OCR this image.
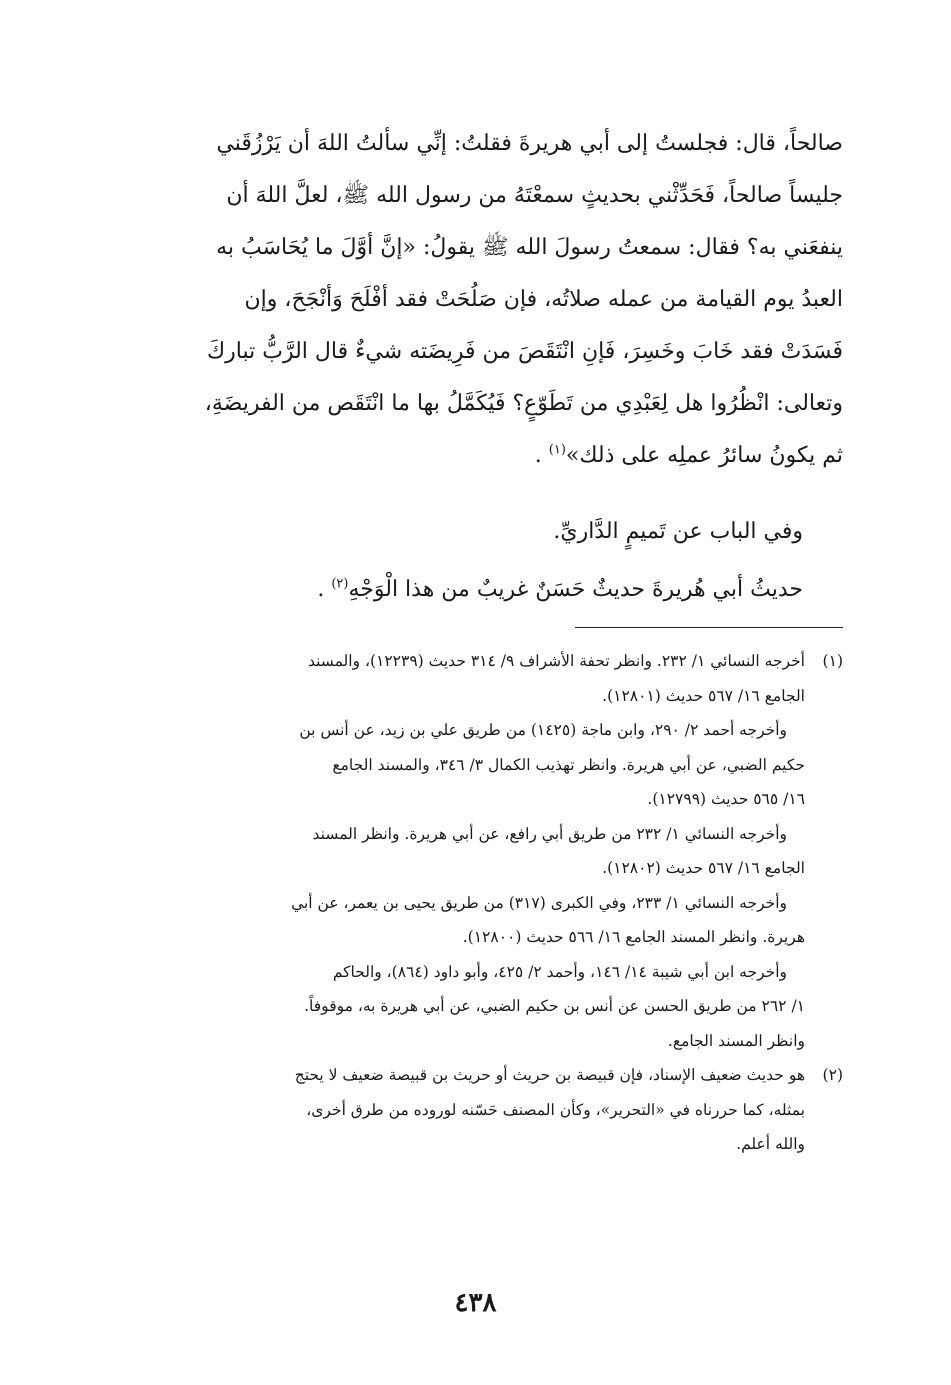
صالحاً، قال: فجلستُ إلى أبي هريرةَ فقلتُ: إنِّي سألتُ اللهَ أن يَرْزُقَني
جليساً صالحاً، فَحَدِّثْني بحديثٍ سمعْتَهُ من رسول الله ﷺ، لعلَّ اللهَ أن
ينفعَني به؟ فقال: سمعتُ رسولَ الله ﷺ يقولُ: «إنَّ أوَّلَ ما يُحَاسَبُ به
العبدُ يوم القيامة من عمله صلاتُه، فإن صَلُحَتْ فقد أفْلَحَ وَأنْجَحَ، وإن
فَسَدَتْ فقد خَابَ وخَسِرَ، فَإنِ انْتَقَصَ من فَرِيضَته شيءٌ قال الرَّبُّ تباركَ
وتعالى: انْظُرُوا هل لِعَبْدِي من تَطَوّعٍ؟ فَيُكَمَّلُ بها ما انْتَقَص من الفريضَةِ،
ثم يكونُ سائرُ عملِه على ذلك»$^{(١)}$ .
وفي الباب عن تَميمٍ الدَّاريِّ.
حديثُ أبي هُريرةَ حديثٌ حَسَنٌ غريبٌ من هذا الْوَجْهِ$^{(٢)}$ .
(١)
أخرجه النسائي ١/ ٢٣٢. وانظر تحفة الأشراف ٩/ ٣١٤ حديث (١٢٢٣٩)، والمسند
الجامع ١٦/ ٥٦٧ حديث (١٢٨٠١).
وأخرجه أحمد ٢/ ٢٩٠، وابن ماجة (١٤٢٥) من طريق علي بن زيد، عن أنس بن
حكيم الضبي، عن أبي هريرة. وانظر تهذيب الكمال ٣/ ٣٤٦، والمسند الجامع
١٦/ ٥٦٥ حديث (١٢٧٩٩).
وأخرجه النسائي ١/ ٢٣٢ من طريق أبي رافع، عن أبي هريرة. وانظر المسند
الجامع ١٦/ ٥٦٧ حديث (١٢٨٠٢).
وأخرجه النسائي ١/ ٢٣٣، وفي الكبرى (٣١٧) من طريق يحيى بن يعمر، عن أبي
هريرة. وانظر المسند الجامع ١٦/ ٥٦٦ حديث (١٢٨٠٠).
وأخرجه ابن أبي شيبة ١٤/ ١٤٦، وأحمد ٢/ ٤٢٥، وأبو داود (٨٦٤)، والحاكم
١/ ٢٦٢ من طريق الحسن عن أنس بن حكيم الضبي، عن أبي هريرة به، موقوفاً.
وانظر المسند الجامع.
(٢)
هو حديث ضعيف الإسناد، فإن قبيصة بن حريث أو حريث بن قبيصة ضعيف لا يحتج
بمثله، كما حررناه في «التحرير»، وكأن المصنف حَسّنه لوروده من طرق أخرى،
والله أعلم.
٤٣٨
